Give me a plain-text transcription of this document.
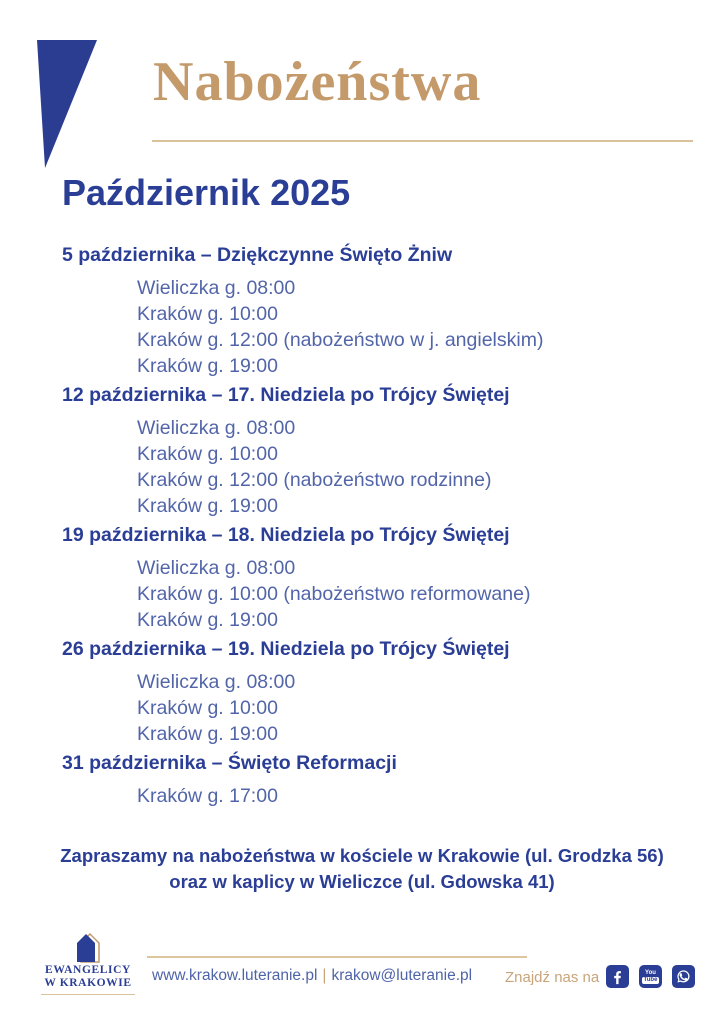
Nabożeństwa
Październik 2025
5 października – Dziękczynne Święto Żniw
Wieliczka g. 08:00
Kraków g. 10:00
Kraków g. 12:00 (nabożeństwo w j. angielskim)
Kraków g. 19:00
12 października – 17. Niedziela po Trójcy Świętej
Wieliczka g. 08:00
Kraków g. 10:00
Kraków g. 12:00 (nabożeństwo rodzinne)
Kraków g. 19:00
19 października – 18. Niedziela po Trójcy Świętej
Wieliczka g. 08:00
Kraków g. 10:00 (nabożeństwo reformowane)
Kraków g. 19:00
26 października – 19. Niedziela po Trójcy Świętej
Wieliczka g. 08:00
Kraków g. 10:00
Kraków g. 19:00
31 października – Święto Reformacji
Kraków g. 17:00
Zapraszamy na nabożeństwa w kościele w Krakowie (ul. Grodzka 56)
oraz w kaplicy w Wieliczce (ul. Gdowska 41)
EWANGELICY
W KRAKOWIE www.krakow.luteranie.pl | krakow@luteranie.pl Znajdź nas na	You
Tube
